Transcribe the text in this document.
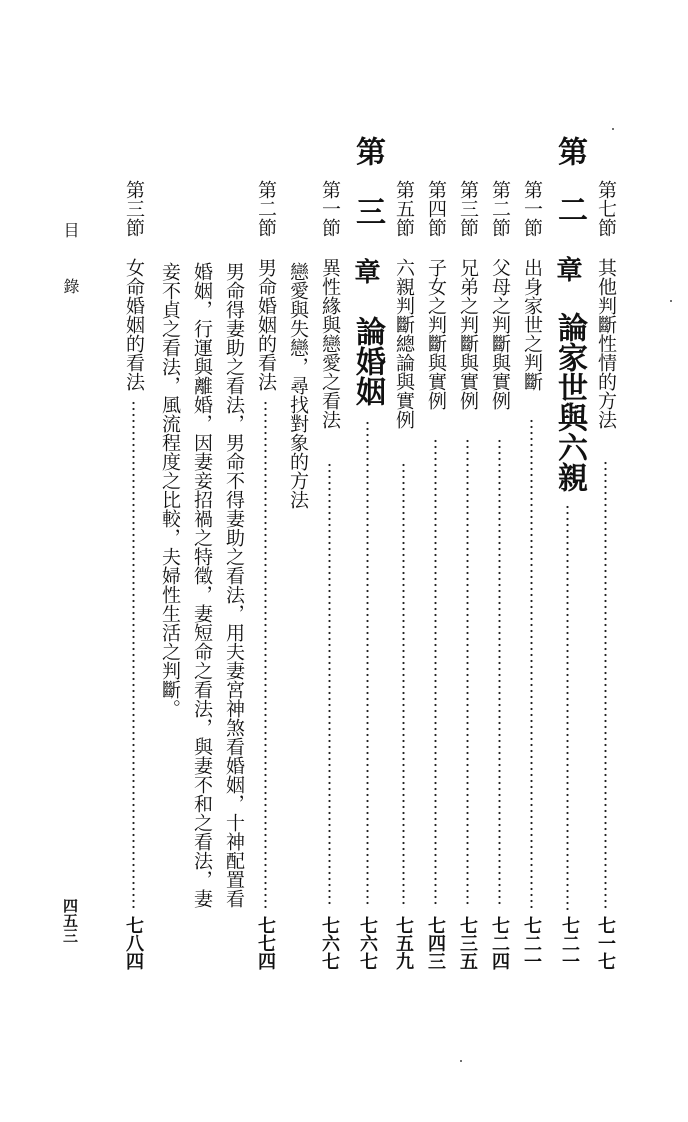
目
錄
四五三
第七節
其他判斷性情的方法
七一七
第
二
章
論家世與六親
七二一
第一節
出身家世之判斷
七二一
第二節
父母之判斷與實例
七二四
第三節
兄弟之判斷與實例
七三五
第四節
子女之判斷與實例
七四三
第五節
六親判斷總論與實例
七五九
第
三
章
論婚姻
七六七
第一節
異性緣與戀愛之看法
七六七
戀愛與失戀，尋找對象的方法
第二節
男命婚姻的看法
七七四
男命得妻助之看法，男命不得妻助之看法，用夫妻宮神煞看婚姻，十神配置看
婚姻，行運與離婚，因妻妾招禍之特徵，妻短命之看法，與妻不和之看法，妻
妾不貞之看法，風流程度之比較，夫婦性生活之判斷。
第三節
女命婚姻的看法
七八四
